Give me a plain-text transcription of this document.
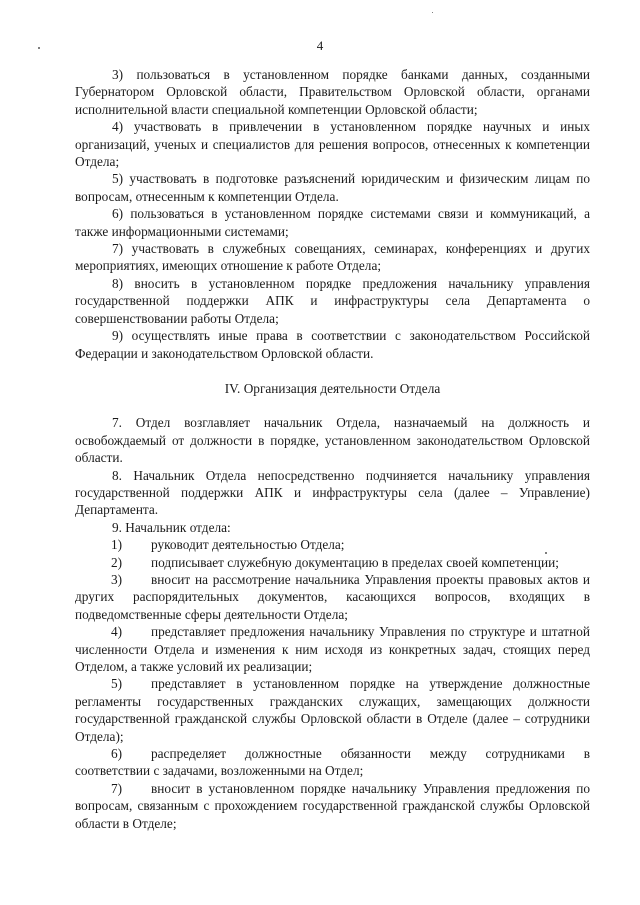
4

3) пользоваться в установленном порядке банками данных, созданными Губернатором Орловской области, Правительством Орловской области, органами исполнительной власти специальной компетенции Орловской области;

4) участвовать в привлечении в установленном порядке научных и иных организаций, ученых и специалистов для решения вопросов, отнесенных к компетенции Отдела;

5) участвовать в подготовке разъяснений юридическим и физическим лицам по вопросам, отнесенным к компетенции Отдела.

6) пользоваться в установленном порядке системами связи и коммуникаций, а также информационными системами;

7) участвовать в служебных совещаниях, семинарах, конференциях и других мероприятиях, имеющих отношение к работе Отдела;

8) вносить в установленном порядке предложения начальнику управления государственной поддержки АПК и инфраструктуры села Департамента о совершенствовании работы Отдела;

9) осуществлять иные права в соответствии с законодательством Российской Федерации и законодательством Орловской области.

IV. Организация деятельности Отдела

7. Отдел возглавляет начальник Отдела, назначаемый на должность и освобождаемый от должности в порядке, установленном законодательством Орловской области.

8. Начальник Отдела непосредственно подчиняется начальнику управления государственной поддержки АПК и инфраструктуры села (далее – Управление) Департамента.

9. Начальник отдела:

1) руководит деятельностью Отдела;

2) подписывает служебную документацию в пределах своей компетенции;

3) вносит на рассмотрение начальника Управления проекты правовых актов и других распорядительных документов, касающихся вопросов, входящих в подведомственные сферы деятельности Отдела;

4) представляет предложения начальнику Управления по структуре и штатной численности Отдела и изменения к ним исходя из конкретных задач, стоящих перед Отделом, а также условий их реализации;

5) представляет в установленном порядке на утверждение должностные регламенты государственных гражданских служащих, замещающих должности государственной гражданской службы Орловской области в Отделе (далее – сотрудники Отдела);

6) распределяет должностные обязанности между сотрудниками в соответствии с задачами, возложенными на Отдел;

7) вносит в установленном порядке начальнику Управления предложения по вопросам, связанным с прохождением государственной гражданской службы Орловской области в Отделе;
